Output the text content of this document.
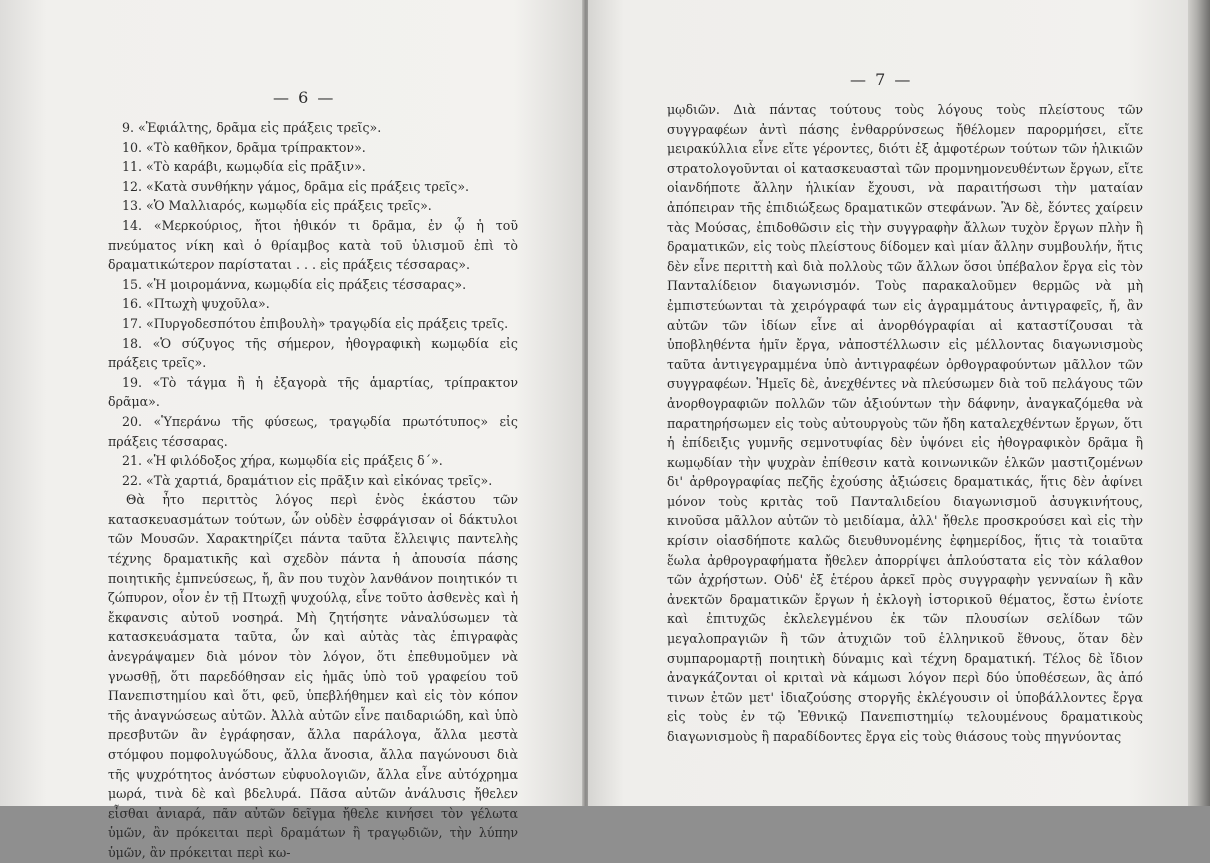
— 6 —

9. «Ἐφιάλτης, δρᾶμα εἰς πράξεις τρεῖς».

10. «Τὸ καθῆκον, δρᾶμα τρίπρακτον».

11. «Τὸ καράβι, κωμῳδία εἰς πρᾶξιν».

12. «Κατὰ συνθήκην γάμος, δρᾶμα εἰς πράξεις τρεῖς».

13. «Ὁ Μαλλιαρός, κωμῳδία εἰς πράξεις τρεῖς».

14. «Μερκούριος, ἤτοι ἠθικόν τι δρᾶμα, ἐν ᾧ ἡ τοῦ πνεύματος νίκη καὶ ὁ θρίαμβος κατὰ τοῦ ὑλισμοῦ ἐπὶ τὸ δραματικώτερον παρίσταται . . . εἰς πράξεις τέσσαρας».

15. «Ἡ μοιρομάννα, κωμῳδία εἰς πράξεις τέσσαρας».

16. «Πτωχὴ ψυχοῦλα».

17. «Πυργοδεσπότου ἐπιβουλὴ» τραγῳδία εἰς πράξεις τρεῖς.

18. «Ὁ σύζυγος τῆς σήμερον, ἠθογραφικὴ κωμῳδία εἰς πράξεις τρεῖς».

19. «Τὸ τάγμα ἢ ἡ ἐξαγορὰ τῆς ἁμαρτίας, τρίπρακτον δρᾶμα».

20. «Ὑπεράνω τῆς φύσεως, τραγῳδία πρωτότυπος» εἰς πράξεις τέσσαρας.

21. «Ἡ φιλόδοξος χήρα, κωμῳδία εἰς πράξεις δ΄».

22. «Τὰ χαρτιά, δραμάτιον εἰς πρᾶξιν καὶ εἰκόνας τρεῖς».

Θὰ ἦτο περιττὸς λόγος περὶ ἑνὸς ἑκάστου τῶν κατασκευασμάτων τούτων, ὧν οὐδὲν ἐσφράγισαν οἱ δάκτυλοι τῶν Μουσῶν. Χαρακτηρίζει πάντα ταῦτα ἔλλειψις παντελὴς τέχνης δραματικῆς καὶ σχεδὸν πάντα ἡ ἀπουσία πάσης ποιητικῆς ἐμπνεύσεως, ἤ, ἂν που τυχὸν λανθάνον ποιητικόν τι ζώπυρον, οἷον ἐν τῇ Πτωχῇ ψυχούλᾳ, εἶνε τοῦτο ἀσθενὲς καὶ ἡ ἔκφανσις αὐτοῦ νοσηρά. Μὴ ζητήσητε νἀναλύσωμεν τὰ κατασκευάσματα ταῦτα, ὧν καὶ αὐτὰς τὰς ἐπιγραφὰς ἀνεγράψαμεν διὰ μόνον τὸν λόγον, ὅτι ἐπεθυμοῦμεν νὰ γνωσθῇ, ὅτι παρεδόθησαν εἰς ἡμᾶς ὑπὸ τοῦ γραφείου τοῦ Πανεπιστημίου καὶ ὅτι, φεῦ, ὑπεβλήθημεν καὶ εἰς τὸν κόπον τῆς ἀναγνώσεως αὐτῶν. Ἀλλὰ αὐτῶν εἶνε παιδαριώδη, καὶ ὑπὸ πρεσβυτῶν ἂν ἐγράφησαν, ἄλλα παράλογα, ἄλλα μεστὰ στόμφου πομφολυγώδους, ἄλλα ἄνοσια, ἄλλα παγώνουσι διὰ τῆς ψυχρότητος ἀνόστων εὐφυολογιῶν, ἄλλα εἶνε αὐτόχρημα μωρά, τινὰ δὲ καὶ βδελυρά. Πᾶσα αὐτῶν ἀνάλυσις ἤθελεν εἶσθαι ἀνιαρά, πᾶν αὐτῶν δεῖγμα ἤθελε κινήσει τὸν γέλωτα ὑμῶν, ἂν πρόκειται περὶ δραμάτων ἢ τραγῳδιῶν, τὴν λύπην ὑμῶν, ἂν πρόκειται περὶ κω-

— 7 —

μῳδιῶν. Διὰ πάντας τούτους τοὺς λόγους τοὺς πλείστους τῶν συγγραφέων ἀντὶ πάσης ἐνθαρρύνσεως ἤθέλομεν παρορμήσει, εἴτε μειρακύλλια εἶνε εἴτε γέροντες, διότι ἐξ ἀμφοτέρων τούτων τῶν ἡλικιῶν στρατολογοῦνται οἱ κατασκευασταὶ τῶν προμνημονευθέντων ἔργων, εἴτε οἱανδήποτε ἄλλην ἡλικίαν ἔχουσι, νὰ παραιτήσωσι τὴν ματαίαν ἀπόπειραν τῆς ἐπιδιώξεως δραματικῶν στεφάνων. Ἂν δὲ, ἔόντες χαίρειν τὰς Μούσας, ἐπιδοθῶσιν εἰς τὴν συγγραφὴν ἄλλων τυχὸν ἔργων πλὴν ἢ δραματικῶν, εἰς τοὺς πλείστους δίδομεν καὶ μίαν ἄλλην συμβουλήν, ἥτις δὲν εἶνε περιττὴ καὶ διὰ πολλοὺς τῶν ἄλλων ὅσοι ὑπέβαλον ἔργα εἰς τὸν Πανταλίδειον διαγωνισμόν. Τοὺς παρακαλοῦμεν θερμῶς νὰ μὴ ἐμπιστεύωνται τὰ χειρόγραφά των εἰς ἀγραμμάτους ἀντιγραφεῖς, ἤ, ἂν αὐτῶν τῶν ἰδίων εἶνε αἱ ἀνορθόγραφίαι αἱ καταστίζουσαι τὰ ὑποβληθέντα ἡμῖν ἔργα, νἀποστέλλωσιν εἰς μέλλοντας διαγωνισμοὺς ταῦτα ἀντιγεγραμμένα ὑπὸ ἀντιγραφέων ὀρθογραφούντων μᾶλλον τῶν συγγραφέων. Ἡμεῖς δὲ, ἀνεχθέντες νὰ πλεύσωμεν διὰ τοῦ πελάγους τῶν ἀνορθογραφιῶν πολλῶν τῶν ἀξιούντων τὴν δάφνην, ἀναγκαζόμεθα νὰ παρατηρήσωμεν εἰς τοὺς αὐτουργοὺς τῶν ἤδη καταλεχθέντων ἔργων, ὅτι ἡ ἐπίδειξις γυμνῆς σεμνοτυφίας δὲν ὑψόνει εἰς ἠθογραφικὸν δρᾶμα ἢ κωμῳδίαν τὴν ψυχρὰν ἐπίθεσιν κατὰ κοινωνικῶν ἑλκῶν μαστιζομένων δι' ἀρθρογραφίας πεζῆς ἐχούσης ἀξιώσεις δραματικάς, ἥτις δὲν ἀφίνει μόνον τοὺς κριτὰς τοῦ Πανταλιδείου διαγωνισμοῦ ἀσυγκινήτους, κινοῦσα μᾶλλον αὐτῶν τὸ μειδίαμα, ἀλλ' ἤθελε προσκρούσει καὶ εἰς τὴν κρίσιν οἱασδήποτε καλῶς διευθυνομένης ἐφημερίδος, ἥτις τὰ τοιαῦτα ἕωλα ἀρθρογραφήματα ἤθελεν ἀπορρίψει ἁπλούστατα εἰς τὸν κάλαθον τῶν ἀχρήστων. Οὐδ' ἐξ ἑτέρου ἀρκεῖ πρὸς συγγραφὴν γενναίων ἢ κἂν ἀνεκτῶν δραματικῶν ἔργων ἡ ἐκλογὴ ἱστορικοῦ θέματος, ἔστω ἐνίοτε καὶ ἐπιτυχῶς ἐκλελεγμένου ἐκ τῶν πλουσίων σελίδων τῶν μεγαλοπραγιῶν ἢ τῶν ἀτυχιῶν τοῦ ἑλληνικοῦ ἔθνους, ὅταν δὲν συμπαρομαρτῇ ποιητικὴ δύναμις καὶ τέχνη δραματική. Τέλος δὲ ἴδιον ἀναγκάζονται οἱ κριταὶ νὰ κάμωσι λόγον περὶ δύο ὑποθέσεων, ἃς ἀπό τινων ἐτῶν μετ' ἰδιαζούσης στοργῆς ἐκλέγουσιν οἱ ὑποβάλλοντες ἔργα εἰς τοὺς ἐν τῷ Ἐθνικῷ Πανεπιστημίῳ τελουμένους δραματικοὺς διαγωνισμοὺς ἢ παραδίδοντες ἔργα εἰς τοὺς θιάσους τοὺς πηγνύοντας
